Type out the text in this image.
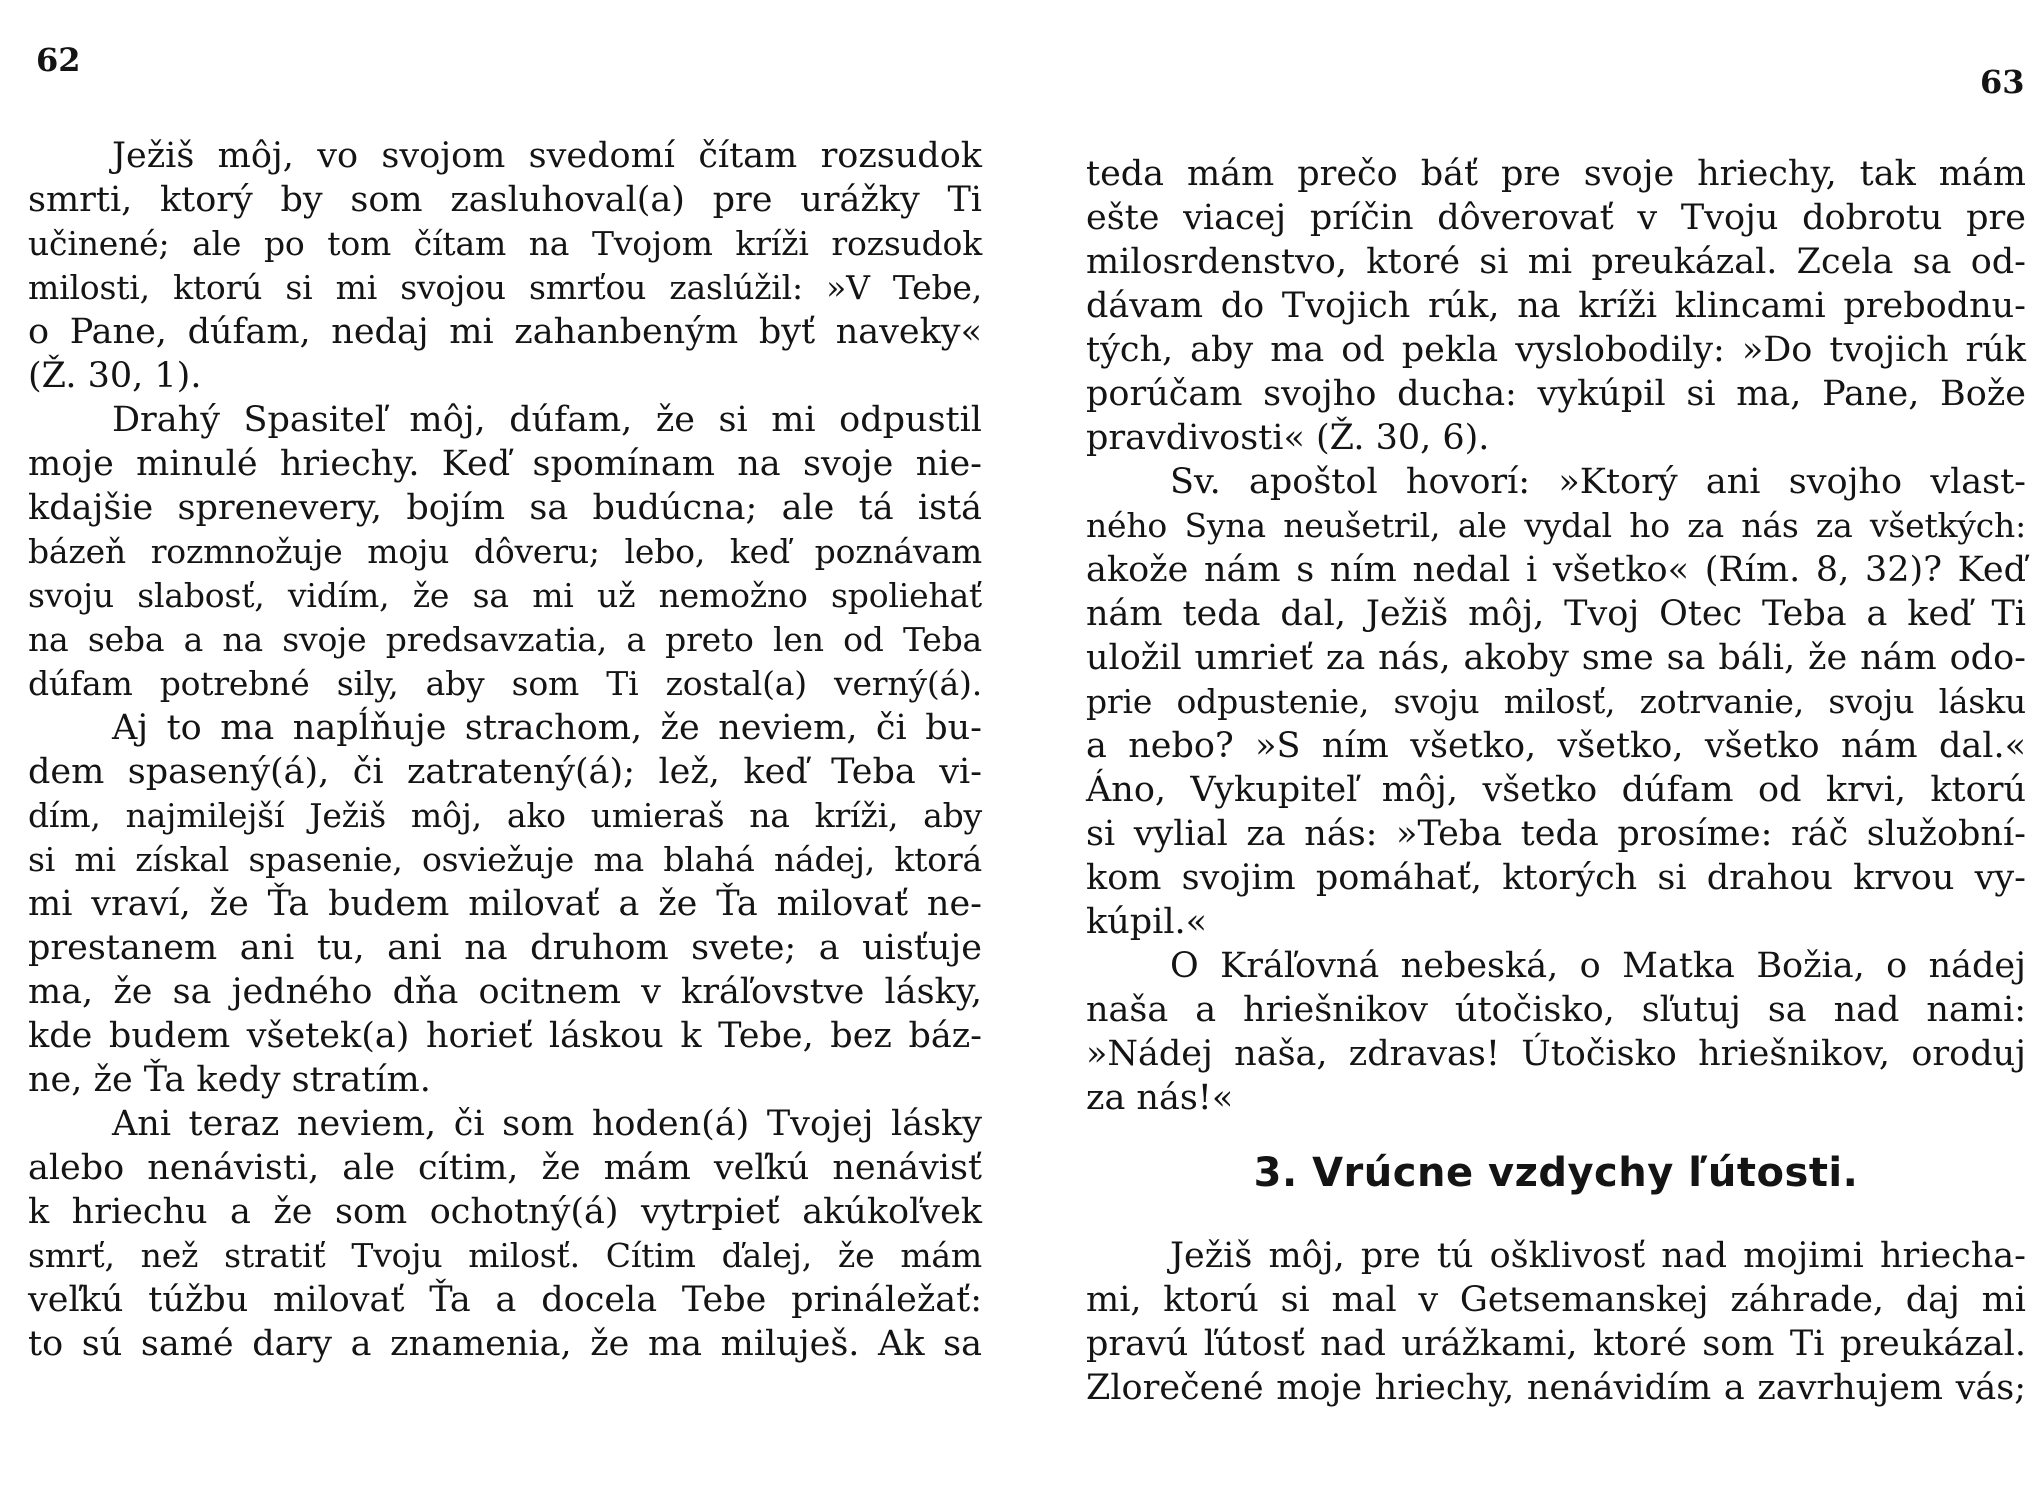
62
63
Ježiš môj, vo svojom svedomí čítam rozsudok
smrti, ktorý by som zasluhoval(a) pre urážky Ti
učinené; ale po tom čítam na Tvojom kríži rozsudok
milosti, ktorú si mi svojou smrťou zaslúžil: »V Tebe,
o Pane, dúfam, nedaj mi zahanbeným byť naveky«
(Ž. 30, 1).
Drahý Spasiteľ môj, dúfam, že si mi odpustil
moje minulé hriechy. Keď spomínam na svoje nie-
kdajšie sprenevery, bojím sa budúcna; ale tá istá
bázeň rozmnožuje moju dôveru; lebo, keď poznávam
svoju slabosť, vidím, že sa mi už nemožno spoliehať
na seba a na svoje predsavzatia, a preto len od Teba
dúfam potrebné sily, aby som Ti zostal(a) verný(á).
Aj to ma napĺňuje strachom, že neviem, či bu-
dem spasený(á), či zatratený(á); lež, keď Teba vi-
dím, najmilejší Ježiš môj, ako umieraš na kríži, aby
si mi získal spasenie, osviežuje ma blahá nádej, ktorá
mi vraví, že Ťa budem milovať a že Ťa milovať ne-
prestanem ani tu, ani na druhom svete; a uisťuje
ma, že sa jedného dňa ocitnem v kráľovstve lásky,
kde budem všetek(a) horieť láskou k Tebe, bez báz-
ne, že Ťa kedy stratím.
Ani teraz neviem, či som hoden(á) Tvojej lásky
alebo nenávisti, ale cítim, že mám veľkú nenávisť
k hriechu a že som ochotný(á) vytrpieť akúkoľvek
smrť, než stratiť Tvoju milosť. Cítim ďalej, že mám
veľkú túžbu milovať Ťa a docela Tebe prináležať:
to sú samé dary a znamenia, že ma miluješ. Ak sa
teda mám prečo báť pre svoje hriechy, tak mám
ešte viacej príčin dôverovať v Tvoju dobrotu pre
milosrdenstvo, ktoré si mi preukázal. Zcela sa od-
dávam do Tvojich rúk, na kríži klincami prebodnu-
tých, aby ma od pekla vyslobodily: »Do tvojich rúk
porúčam svojho ducha: vykúpil si ma, Pane, Bože
pravdivosti« (Ž. 30, 6).
Sv. apoštol hovorí: »Ktorý ani svojho vlast-
ného Syna neušetril, ale vydal ho za nás za všetkých:
akože nám s ním nedal i všetko« (Rím. 8, 32)? Keď
nám teda dal, Ježiš môj, Tvoj Otec Teba a keď Ti
uložil umrieť za nás, akoby sme sa báli, že nám odo-
prie odpustenie, svoju milosť, zotrvanie, svoju lásku
a nebo? »S ním všetko, všetko, všetko nám dal.«
Áno, Vykupiteľ môj, všetko dúfam od krvi, ktorú
si vylial za nás: »Teba teda prosíme: ráč služobní-
kom svojim pomáhať, ktorých si drahou krvou vy-
kúpil.«
O Kráľovná nebeská, o Matka Božia, o nádej
naša a hriešnikov útočisko, sľutuj sa nad nami:
»Nádej naša, zdravas! Útočisko hriešnikov, oroduj
za nás!«
3. Vrúcne vzdychy ľútosti.
Ježiš môj, pre tú ošklivosť nad mojimi hriecha-
mi, ktorú si mal v Getsemanskej záhrade, daj mi
pravú ľútosť nad urážkami, ktoré som Ti preukázal.
Zlorečené moje hriechy, nenávidím a zavrhujem vás;
